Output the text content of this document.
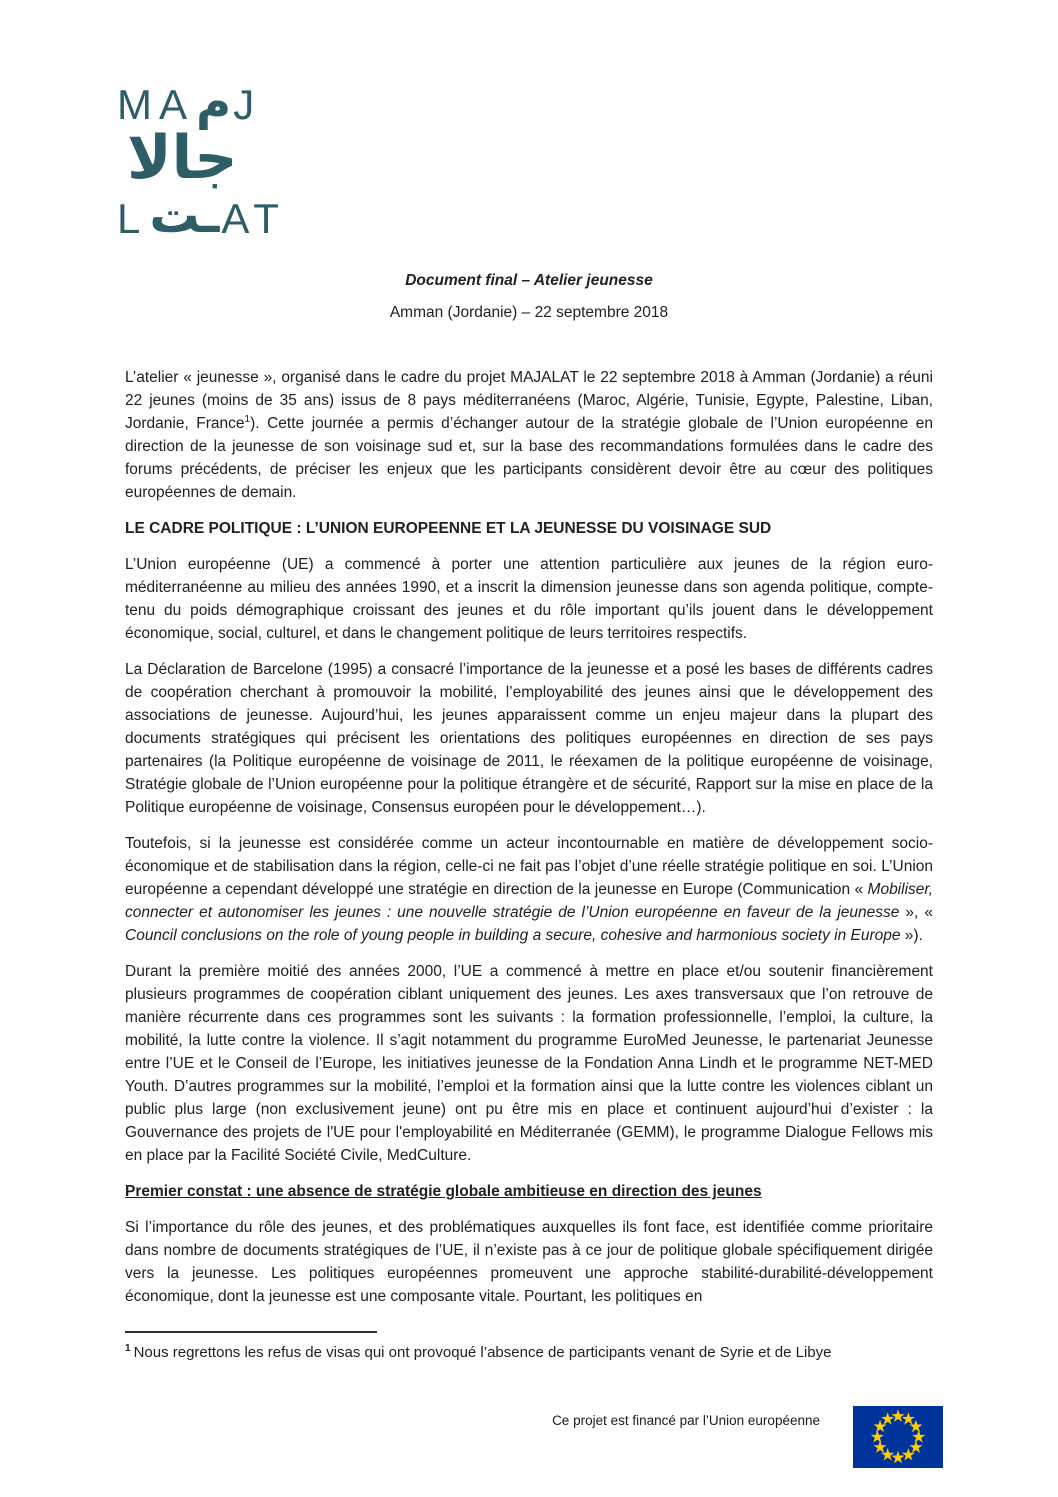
MA م J
جالا
L ـت AT
Document final – Atelier jeunesse
Amman (Jordanie) – 22 septembre 2018

L’atelier « jeunesse », organisé dans le cadre du projet MAJALAT le 22 septembre 2018 à Amman (Jordanie) a réuni 22 jeunes (moins de 35 ans) issus de 8 pays méditerranéens (Maroc, Algérie, Tunisie, Egypte, Palestine, Liban, Jordanie, France$^1$). Cette journée a permis d’échanger autour de la stratégie globale de l’Union européenne en direction de la jeunesse de son voisinage sud et, sur la base des recommandations formulées dans le cadre des forums précédents, de préciser les enjeux que les participants considèrent devoir être au cœur des politiques européennes de demain.

LE CADRE POLITIQUE : L’UNION EUROPEENNE ET LA JEUNESSE DU VOISINAGE SUD

L’Union européenne (UE) a commencé à porter une attention particulière aux jeunes de la région euro-méditerranéenne au milieu des années 1990, et a inscrit la dimension jeunesse dans son agenda politique, compte-tenu du poids démographique croissant des jeunes et du rôle important qu’ils jouent dans le développement économique, social, culturel, et dans le changement politique de leurs territoires respectifs.

La Déclaration de Barcelone (1995) a consacré l’importance de la jeunesse et a posé les bases de différents cadres de coopération cherchant à promouvoir la mobilité, l’employabilité des jeunes ainsi que le développement des associations de jeunesse. Aujourd’hui, les jeunes apparaissent comme un enjeu majeur dans la plupart des documents stratégiques qui précisent les orientations des politiques européennes en direction de ses pays partenaires (la Politique européenne de voisinage de 2011, le réexamen de la politique européenne de voisinage, Stratégie globale de l’Union européenne pour la politique étrangère et de sécurité, Rapport sur la mise en place de la Politique européenne de voisinage, Consensus européen pour le développement…).

Toutefois, si la jeunesse est considérée comme un acteur incontournable en matière de développement socio-économique et de stabilisation dans la région, celle-ci ne fait pas l’objet d’une réelle stratégie politique en soi. L’Union européenne a cependant développé une stratégie en direction de la jeunesse en Europe (Communication « Mobiliser, connecter et autonomiser les jeunes : une nouvelle stratégie de l’Union européenne en faveur de la jeunesse », « Council conclusions on the role of young people in building a secure, cohesive and harmonious society in Europe »).

Durant la première moitié des années 2000, l’UE a commencé à mettre en place et/ou soutenir financièrement plusieurs programmes de coopération ciblant uniquement des jeunes. Les axes transversaux que l’on retrouve de manière récurrente dans ces programmes sont les suivants : la formation professionnelle, l’emploi, la culture, la mobilité, la lutte contre la violence. Il s’agit notamment du programme EuroMed Jeunesse, le partenariat Jeunesse entre l’UE et le Conseil de l’Europe, les initiatives jeunesse de la Fondation Anna Lindh et le programme NET-MED Youth. D’autres programmes sur la mobilité, l’emploi et la formation ainsi que la lutte contre les violences ciblant un public plus large (non exclusivement jeune) ont pu être mis en place et continuent aujourd’hui d’exister : la Gouvernance des projets de l'UE pour l'employabilité en Méditerranée (GEMM), le programme Dialogue Fellows mis en place par la Facilité Société Civile, MedCulture.

Premier constat : une absence de stratégie globale ambitieuse en direction des jeunes

Si l’importance du rôle des jeunes, et des problématiques auxquelles ils font face, est identifiée comme prioritaire dans nombre de documents stratégiques de l’UE, il n’existe pas à ce jour de politique globale spécifiquement dirigée vers la jeunesse. Les politiques européennes promeuvent une approche stabilité-durabilité-développement économique, dont la jeunesse est une composante vitale. Pourtant, les politiques en

$^1$ Nous regrettons les refus de visas qui ont provoqué l’absence de participants venant de Syrie et de Libye
Ce projet est financé par l’Union européenne
